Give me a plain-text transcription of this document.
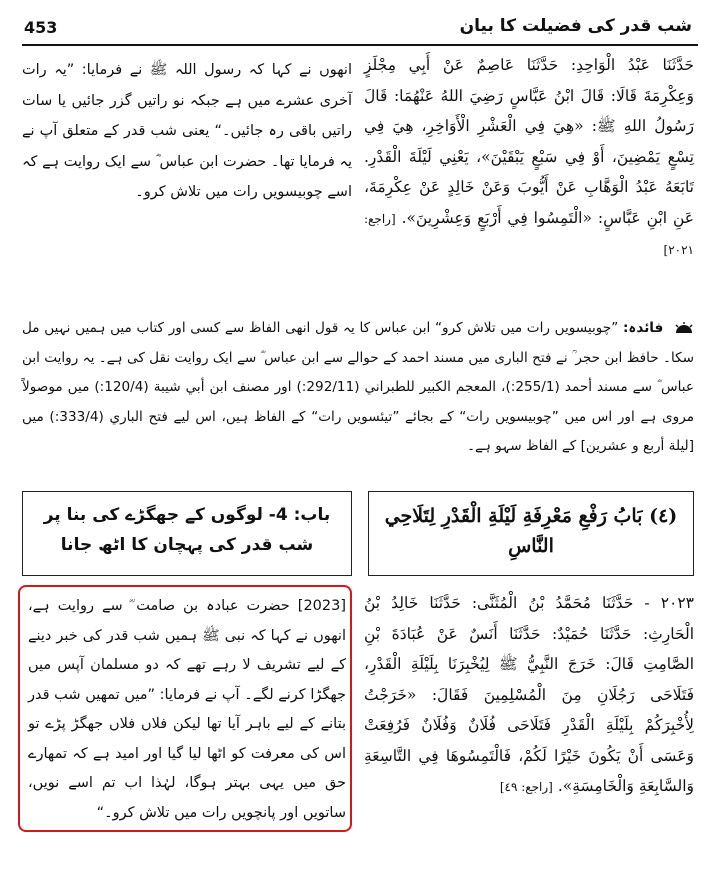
شب قدر کی فضیلت کا بیان
453
حَدَّثَنَا عَبْدُ الْوَاحِدِ: حَدَّثَنَا عَاصِمٌ عَنْ أَبِي مِجْلَزٍ وَعِكْرِمَةَ قَالَا: قَالَ ابْنُ عَبَّاسٍ رَضِيَ اللهُ عَنْهُمَا: قَالَ رَسُولُ اللهِ ﷺ: «هِيَ فِي الْعَشْرِ الْأَوَاخِرِ، هِيَ فِي تِسْعٍ يَمْضِينَ، أَوْ فِي سَبْعٍ يَبْقَيْنَ»، يَعْنِي لَيْلَةَ الْقَدْرِ. تَابَعَهُ عَبْدُ الْوَهَّابِ عَنْ أَيُّوبَ وَعَنْ خَالِدٍ عَنْ عِكْرِمَةَ، عَنِ ابْنِ عَبَّاسٍ: «الْتَمِسُوا فِي أَرْبَعٍ وَعِشْرِينَ». [راجع: ۲۰۲۱]
انھوں نے کہا کہ رسول اللہ ﷺ نے فرمایا: ”یہ رات آخری عشرے میں ہے جبکہ نو راتیں گزر جائیں یا سات راتیں باقی رہ جائیں۔“ یعنی شب قدر کے متعلق آپ نے یہ فرمایا تھا۔ حضرت ابن عباس ؓ سے ایک روایت ہے کہ اسے چوبیسویں رات میں تلاش کرو۔
فائدہ: ”چوبیسویں رات میں تلاش کرو“ ابن عباس کا یہ قول انھی الفاظ سے کسی اور کتاب میں ہمیں نہیں مل سکا۔ حافظ ابن حجر ؒ نے فتح الباری میں مسند احمد کے حوالے سے ابن عباس ؓ سے ایک روایت نقل کی ہے۔ یہ روایت ابن عباس ؓ سے مسند أحمد (255/1:)، المعجم الكبير للطبراني (292/11:) اور مصنف ابن أبي شيبة (120/4:) میں موصولاً مروی ہے اور اس میں ”چوبیسویں رات“ کے بجائے ”تیئسویں رات“ کے الفاظ ہیں، اس لیے فتح الباري (333/4:) میں [ليلة أربع و عشرين] کے الفاظ سہو ہے۔
(٤) بَابُ رَفْعِ مَعْرِفَةِ لَيْلَةِ الْقَدْرِ لِتَلَاحِي النَّاسِ
باب: 4- لوگوں کے جھگڑے کی بنا پر شب قدر کی پہچان کا اٹھ جانا
٢٠٢٣ - حَدَّثَنَا مُحَمَّدُ بْنُ الْمُثَنَّى: حَدَّثَنَا خَالِدُ بْنُ الْحَارِثِ: حَدَّثَنَا حُمَيْدٌ: حَدَّثَنَا أَنَسٌ عَنْ عُبَادَةَ بْنِ الصَّامِتِ قَالَ: خَرَجَ النَّبِيُّ ﷺ لِيُخْبِرَنَا بِلَيْلَةِ الْقَدْرِ، فَتَلَاحَى رَجُلَانِ مِنَ الْمُسْلِمِينَ فَقَالَ: «خَرَجْتُ لِأُخْبِرَكُمْ بِلَيْلَةِ الْقَدْرِ فَتَلَاحَى فُلَانٌ وَفُلَانٌ فَرُفِعَتْ وَعَسَى أَنْ يَكُونَ خَيْرًا لَكُمْ، فَالْتَمِسُوهَا فِي التَّاسِعَةِ وَالسَّابِعَةِ وَالْخَامِسَةِ». [راجع: ٤٩]
[2023] حضرت عبادہ بن صامت ؓ سے روایت ہے، انھوں نے کہا کہ نبی ﷺ ہمیں شب قدر کی خبر دینے کے لیے تشریف لا رہے تھے کہ دو مسلمان آپس میں جھگڑا کرنے لگے۔ آپ نے فرمایا: ”میں تمھیں شب قدر بتانے کے لیے باہر آیا تھا لیکن فلاں فلاں جھگڑ پڑے تو اس کی معرفت کو اٹھا لیا گیا اور امید ہے کہ تمھارے حق میں یہی بہتر ہوگا، لہٰذا اب تم اسے نویں، ساتویں اور پانچویں رات میں تلاش کرو۔“
